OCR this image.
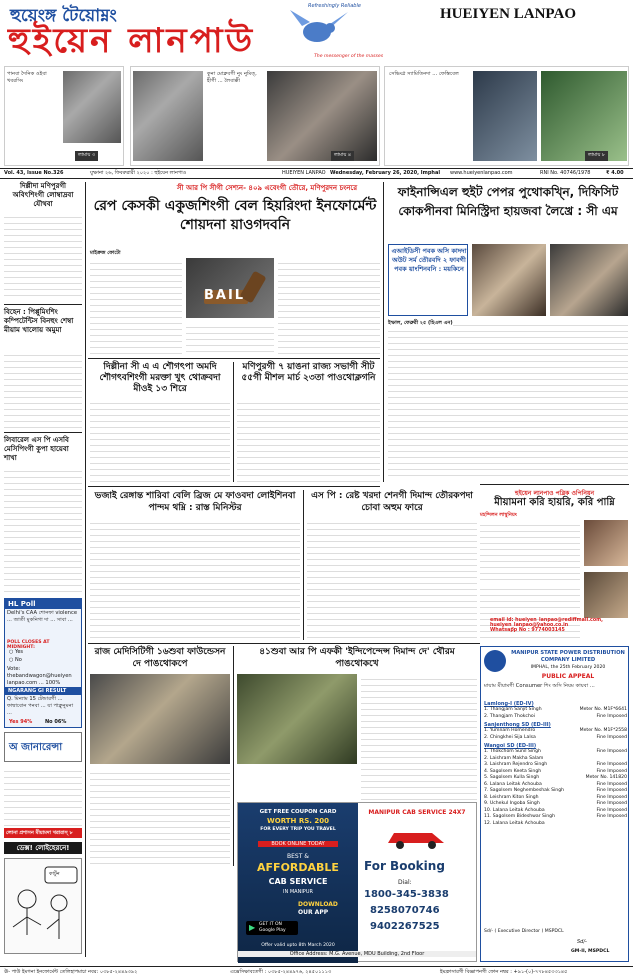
হুয়েংঙ্গ টৈয়োম্নং
হুইয়েন লানপাউ
Refreshingly Reliable
The messenger of the masses
HUEIYEN LANPAO
পানবা দৈনিক ওইবা খবরসিং
লামায় ৩
কুনা মোক্লবগী নুং নুমিত্, হীগী ... লৈবাক্কী
লামায় ৪
সেভিংগ্ল স্যামিতিনদা ... ফেস্তিবেল
লামায় ৮
Vol. 43, Issue No.326	যুম্ফানা ২৬, ফিবরুৱারী ২০২০ : হুইয়েন লানপাও	HUEIYEN LANPAO Wednesday, February 26, 2020, Imphal www.hueiyenlanpao.com	RNI No. 40746/1978	₹ 4.00
দিল্লীদা মণিপুরগী অবিৎশিংগী লোম্বাদ্রবা যৌথবা
বিহেন : পিপ্পুমিংশিং কম্পিটেন্টিস বিনহুং শেম্বা মীয়াম খালোয় অমুমা
লিবারেল এস পি এসবি মেসিপিংগী কুপা হায়েবা শাখা
HL Poll
Delhi's CAA শোনফা violence ... জাতী মুকনিগা দা ... সাবা ...
POLL CLOSES AT MIDNIGHT:
○ Yes
○ No
Vote: thebandwagon@hueiyen lanpao.com ... 100%
NGARANG GI RESULT
Q. মিন্যাম 15 টেন্ডারগী ... ফাম্বাবোন পনবা ... যা পাক্লুনুমনা ...
Yes 94%	No 06%
অ জানারেন্সা
লোনা প্রশাসন মীয়ামদা খরারাস্ ৮
ডেক্স! লোইহেরনে!
কার্টুন
সী আর পি সীগী সেশ্যন- ৪০৯ এবেংগী তৌরে, মণিপুরদন চংনরে
রেপ কেসকী একুজশিংগী বেল হিয়রিংদা ইনফোর্মেন্ট শোয়দনা য়াওগদবনি
মাইক্রজ ফোটো
BAIL
দিল্লীনা সী এ এ শৌগৎপা অমদি শৌগৎবশিংগী মরক্তা খুৎ থোক্রবদা মীওই ১৩ শিরে
মণিপুরগী ৭ য়াঙনা রাজ্য সভাগী সীট ৫৫গী মীশল মার্চ ২৩তা পাওথোক্লগনি
ভজাই রেঙ্গান্ত শারিবা বেলি ব্রিজ মে ফাওবদা লোইশিনবা পান্দম থম্নি : রাস্ত মিনিস্টর
এস পি : রেষ্ট খরদা শেনগী দিমান্দ তৌরকপদা চোবা অহুম ফারে
রাজ মেদিসিটিগী ১৬শুবা ফাউন্ডেসন দে পাঙথোকপে
৪১শুবা আর পি এফকী 'ইন্দিপেন্দেন্স দিমান্দ দে' থৌরম পাঙথোকখে
GET FREE COUPON CARD
WORTH RS. 200
FOR EVERY TRIP YOU TRAVEL
BOOK ONLINE TODAY
BEST &
AFFORDABLE
CAB SERVICE
IN MANIPUR
DOWNLOAD
OUR APP
▶ GET IT ON Google Play
Offer valid upto 8th March 2020
MANIPUR CAB SERVICE 24X7
For Booking
Dial:
1800-345-3838
8258070746
9402267525
Office Address: M.G. Avenue, MDU Building, 2nd Floor
ফাইনান্সিএল হুইট পেপর পুথোকখ্নি, দিফিসিট কোকপীনবা মিনিস্ট্রিদা হায়জবা লৈখ্রে : সী এম
এআইডিসী পবক অসি কাদদা অউট সর্ম তৌরবদি ২ ফাবগী পবক য়াংশিনবনি : ময়কিনে
ইম্ফাল, ফেব্রুরী ২৫ (হিএল এন)
হুইয়েন লানপাও পব্লিক ওপিনিয়ন
মীয়ামনা করি হায়রি, করি পাম্নি
মহন্দিলন লাম্বুনিয়ং
email id: hueiyen_lanpao@rediffmail.com,
hueiyen_lanpao@yahoo.co.in
Whatsapp No : 9774003145
MANIPUR STATE POWER DISTRIBUTION COMPANY LIMITED
IMPHAL, the 25th February 2020
PUBLIC APPEAL
মায়াম মীয়ামগী Consumer শিং অসি নিয়ম কায়বা ...
Lamlong-I (ED-IV)
1. Thangjam Sanjit Singh	Meter No. M1F*6641
2. Thangjam Thokchoi	Fine Imposed
Sanjenthong SD (ED-III)
1. Yumnam Homendro	Meter No. M1F*2558
2. Chingkhei Sija Lalsa	Fine Imposed
Wangoi SD (ED-III)
1. Thokchom Sunil Singh	Fine Imposed
2. Laishram Makha Salam
3. Laishram Rejendro Singh	Fine Imposed
4. Sagolsem Keeta Singh	Fine Imposed
5. Sagolsem Kulla Singh	Meter No. 141820
6. Lalana Leitak Achouba	Fine Imposed
7. Sagolsem Neghembeshak Singh	Fine Imposed
8. Leishram Kiton Singh	Fine Imposed
9. Uchekul Ingoba Singh	Fine Imposed
10. Lalana Leitak Achouba	Fine Imposed
11. Sagolsem Bideshwar Singh	Fine Imposed
12. Lalana Leitak Achouba
Sd/- ( Executive Director ) MSPDCL
Sd/-
GM-II, MSPDCL
ঊ- পাউ ইমগনা ইনফোর্মেন্ট তেলিহাপমাচা নবর: ০৩৮৫-২৪৪৯৩৯২	এক্সেসিক্ষাবতেগী : ০৩৮৫-২৪৪৯৭৬, ২৪৫০১১১৩	ইমফ্রাসারগী বিজ্ঞাপনগী ফোন নম্বর : +৯১-(০)-৭৭৮৪৫৩৩১৪৫
